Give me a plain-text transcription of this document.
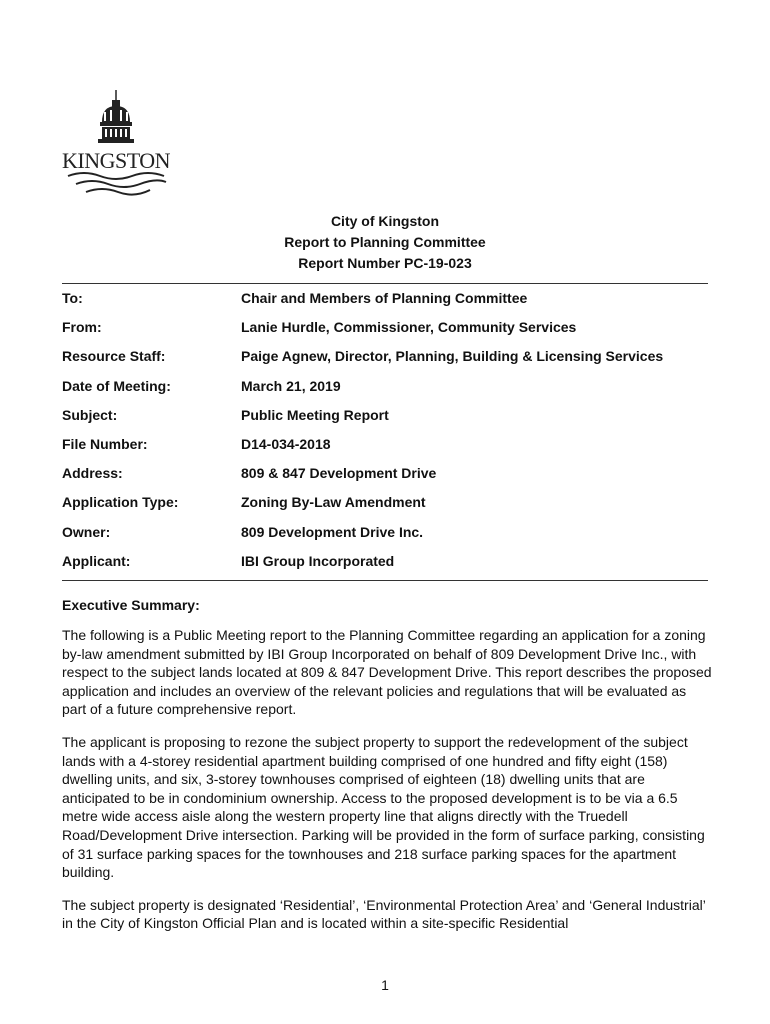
KINGSTON
City of Kingston
Report to Planning Committee
Report Number PC-19-023
To:	Chair and Members of Planning Committee
From:	Lanie Hurdle, Commissioner, Community Services
Resource Staff:	Paige Agnew, Director, Planning, Building & Licensing Services
Date of Meeting:	March 21, 2019
Subject:	Public Meeting Report
File Number:	D14-034-2018
Address:	809 & 847 Development Drive
Application Type:	Zoning By-Law Amendment
Owner:	809 Development Drive Inc.
Applicant:	IBI Group Incorporated
Executive Summary:

The following is a Public Meeting report to the Planning Committee regarding an application for a zoning by-law amendment submitted by IBI Group Incorporated on behalf of 809 Development Drive Inc., with respect to the subject lands located at 809 & 847 Development Drive. This report describes the proposed application and includes an overview of the relevant policies and regulations that will be evaluated as part of a future comprehensive report.

The applicant is proposing to rezone the subject property to support the redevelopment of the subject lands with a 4-storey residential apartment building comprised of one hundred and fifty eight (158) dwelling units, and six, 3-storey townhouses comprised of eighteen (18) dwelling units that are anticipated to be in condominium ownership. Access to the proposed development is to be via a 6.5 metre wide access aisle along the western property line that aligns directly with the Truedell Road/Development Drive intersection. Parking will be provided in the form of surface parking, consisting of 31 surface parking spaces for the townhouses and 218 surface parking spaces for the apartment building.

The subject property is designated ‘Residential’, ‘Environmental Protection Area’ and ‘General Industrial’ in the City of Kingston Official Plan and is located within a site-specific Residential

1
